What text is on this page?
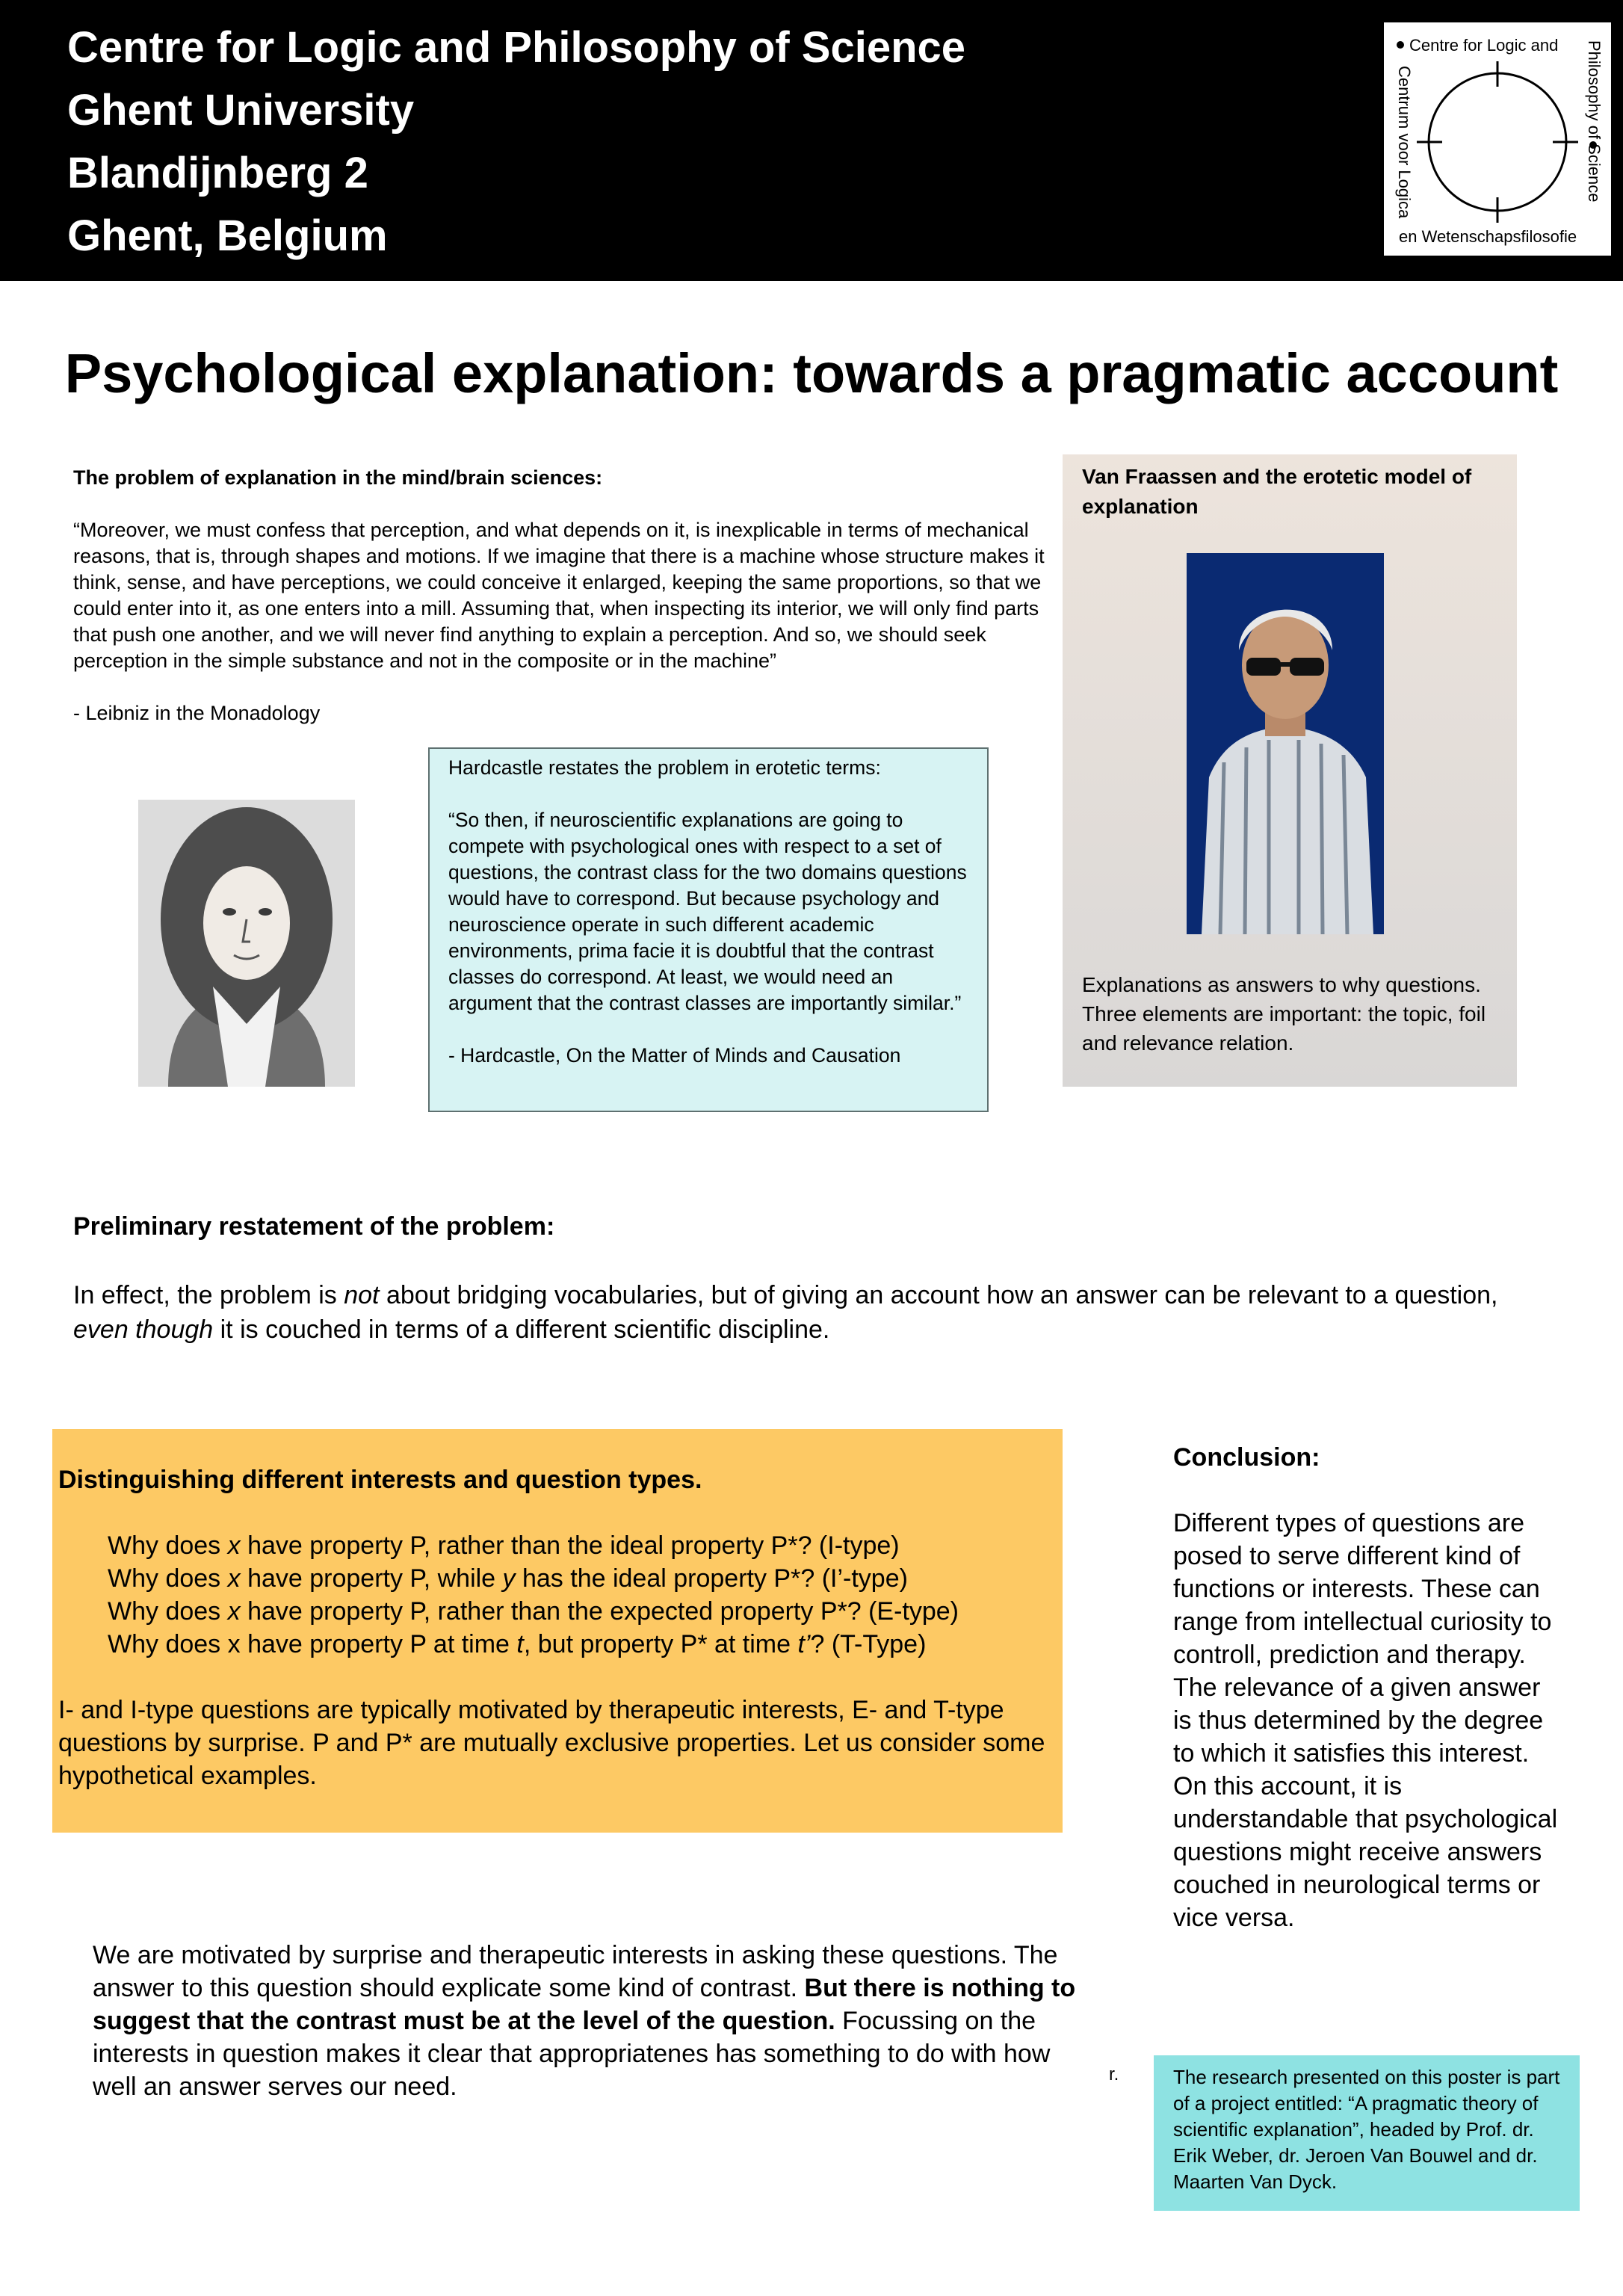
Centre for Logic and Philosophy of Science
Ghent University
Blandijnberg 2
Ghent, Belgium
Centre for Logic and
en Wetenschapsfilosofie
Centrum voor Logica	Philosophy of Science
Psychological explanation: towards a pragmatic account

The problem of explanation in the mind/brain sciences:

“Moreover, we must confess that perception, and what depends on it, is inexplicable in terms of mechanical reasons, that is, through shapes and motions. If we imagine that there is a machine whose structure makes it think, sense, and have perceptions, we could conceive it enlarged, keeping the same proportions, so that we could enter into it, as one enters into a mill. Assuming that, when inspecting its interior, we will only find parts that push one another, and we will never find anything to explain a perception. And so, we should seek perception in the simple substance and not in the composite or in the machine”

- Leibniz in the Monadology

Hardcastle restates the problem in erotetic terms:

“So then, if neuroscientific explanations are going to compete with psychological ones with respect to a set of questions, the contrast class for the two domains questions would have to correspond. But because psychology and neuroscience operate in such different academic environments, prima facie it is doubtful that the contrast classes do correspond. At least, we would need an argument that the contrast classes are importantly similar.”

- Hardcastle, On the Matter of Minds and Causation

Van Fraassen and the erotetic model of explanation
Explanations as answers to why questions. Three elements are important: the topic, foil and relevance relation.

Preliminary restatement of the problem:

In effect, the problem is not about bridging vocabularies, but of giving an account how an answer can be relevant to a question, even though it is couched in terms of a different scientific discipline.

Distinguishing different interests and question types.

Why does x have property P, rather than the ideal property P*? (I-type)
Why does x have property P, while y has the ideal property P*? (I’-type)
Why does x have property P, rather than the expected property P*? (E-type)
Why does x have property P at time t, but property P* at time t’? (T-Type)

I- and I-type questions are typically motivated by therapeutic interests, E- and T-type questions by surprise. P and P* are mutually exclusive properties. Let us consider some hypothetical examples.

Conclusion:

Different types of questions are posed to serve different kind of functions or interests. These can range from intellectual curiosity to controll, prediction and therapy. The relevance of a given answer is thus determined by the degree to which it satisfies this interest. On this account, it is understandable that psychological questions might receive answers couched in neurological terms or vice versa.

We are motivated by surprise and therapeutic interests in asking these questions. The answer to this question should explicate some kind of contrast. But there is nothing to suggest that the contrast must be at the level of the question. Focussing on the interests in question makes it clear that appropriatenes has something to do with how well an answer serves our need.	r.	The research presented on this poster is part of a project entitled: “A pragmatic theory of scientific explanation”, headed by Prof. dr. Erik Weber, dr. Jeroen Van Bouwel and dr. Maarten Van Dyck.
